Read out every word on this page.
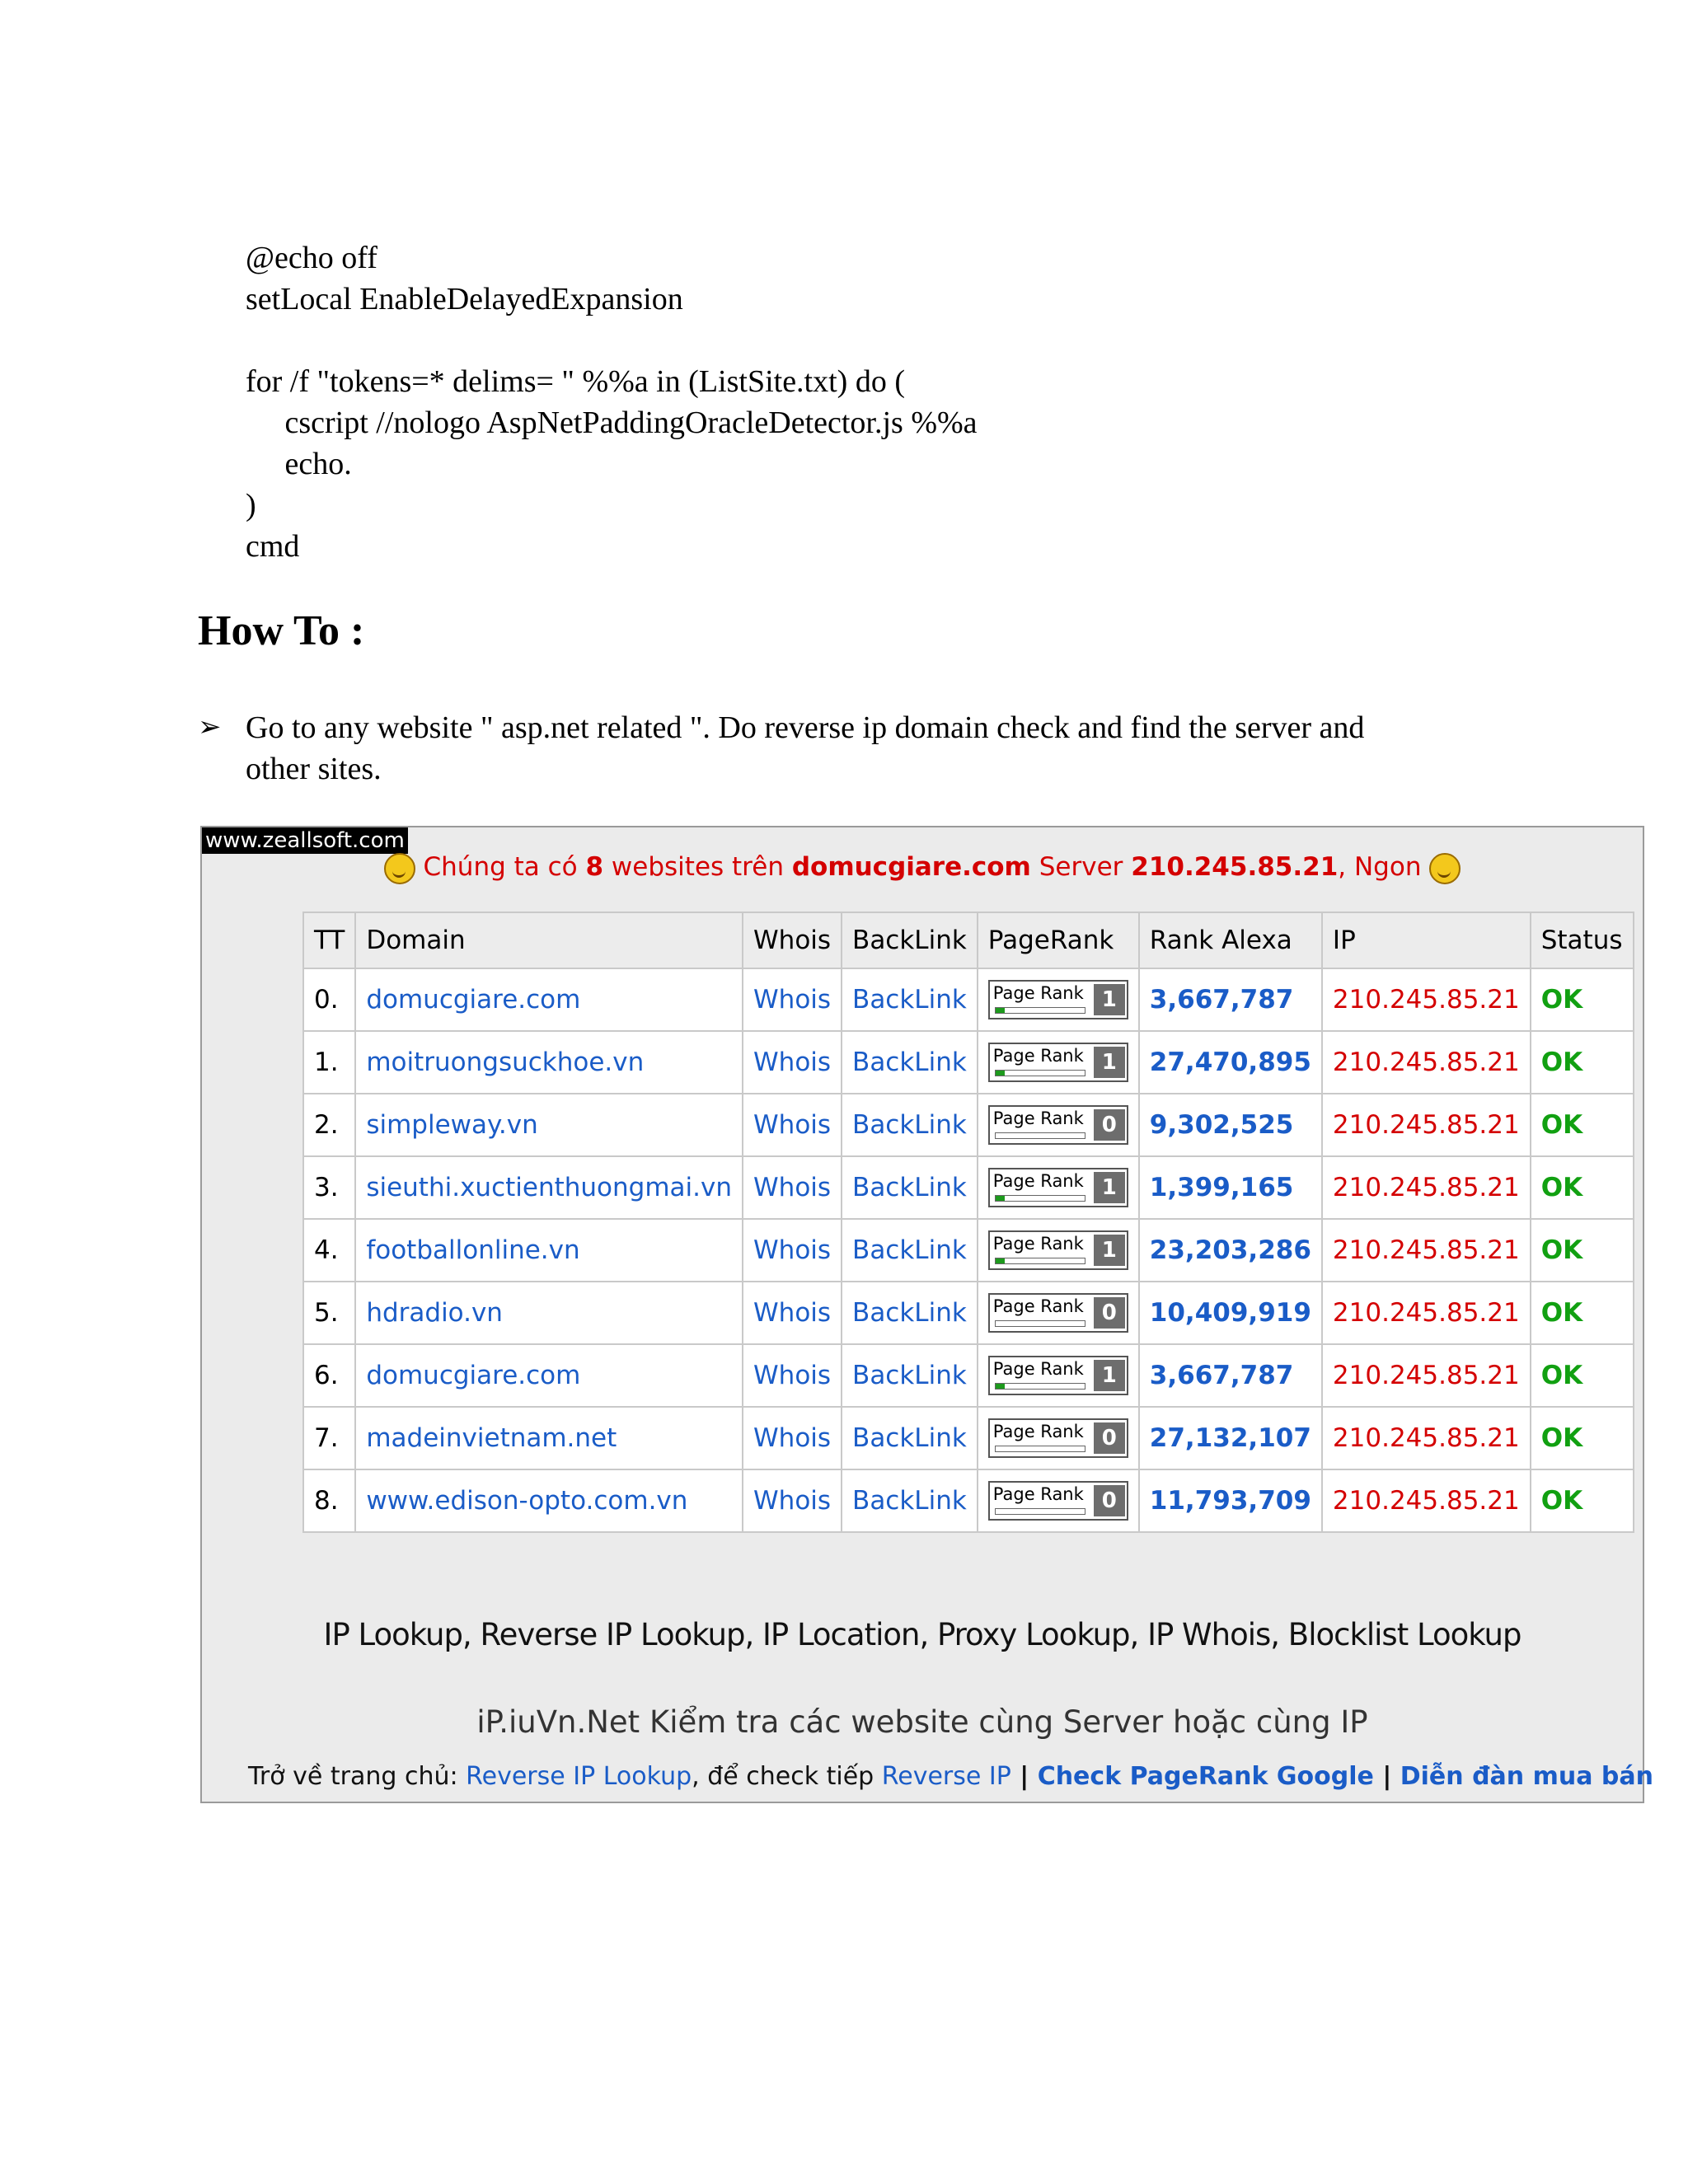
@echo off
setLocal EnableDelayedExpansion
for /f "tokens=* delims= " %%a in (ListSite.txt) do (
cscript //nologo AspNetPaddingOracleDetector.js %%a
echo.
)
cmd
How To :
➢ Go to any website " asp.net related ". Do reverse ip domain check and find the server and other sites.
www.zeallsoft.com
Chúng ta có 8 websites trên domucgiare.com Server 210.245.85.21, Ngon
TT	Domain	Whois	BackLink	PageRank	Rank Alexa	IP	Status
0.	domucgiare.com	Whois	BackLink	Page Rank 1	3,667,787	210.245.85.21	OK
1.	moitruongsuckhoe.vn	Whois	BackLink	Page Rank 1	27,470,895	210.245.85.21	OK
2.	simpleway.vn	Whois	BackLink	Page Rank 0	9,302,525	210.245.85.21	OK
3.	sieuthi.xuctienthuongmai.vn	Whois	BackLink	Page Rank 1	1,399,165	210.245.85.21	OK
4.	footballonline.vn	Whois	BackLink	Page Rank 1	23,203,286	210.245.85.21	OK
5.	hdradio.vn	Whois	BackLink	Page Rank 0	10,409,919	210.245.85.21	OK
6.	domucgiare.com	Whois	BackLink	Page Rank 1	3,667,787	210.245.85.21	OK
7.	madeinvietnam.net	Whois	BackLink	Page Rank 0	27,132,107	210.245.85.21	OK
8.	www.edison-opto.com.vn	Whois	BackLink	Page Rank 0	11,793,709	210.245.85.21	OK
IP Lookup, Reverse IP Lookup, IP Location, Proxy Lookup, IP Whois, Blocklist Lookup
iP.iuVn.Net Kiểm tra các website cùng Server hoặc cùng IP
Trở về trang chủ: Reverse IP Lookup, để check tiếp Reverse IP | Check PageRank Google | Diễn đàn mua bán
